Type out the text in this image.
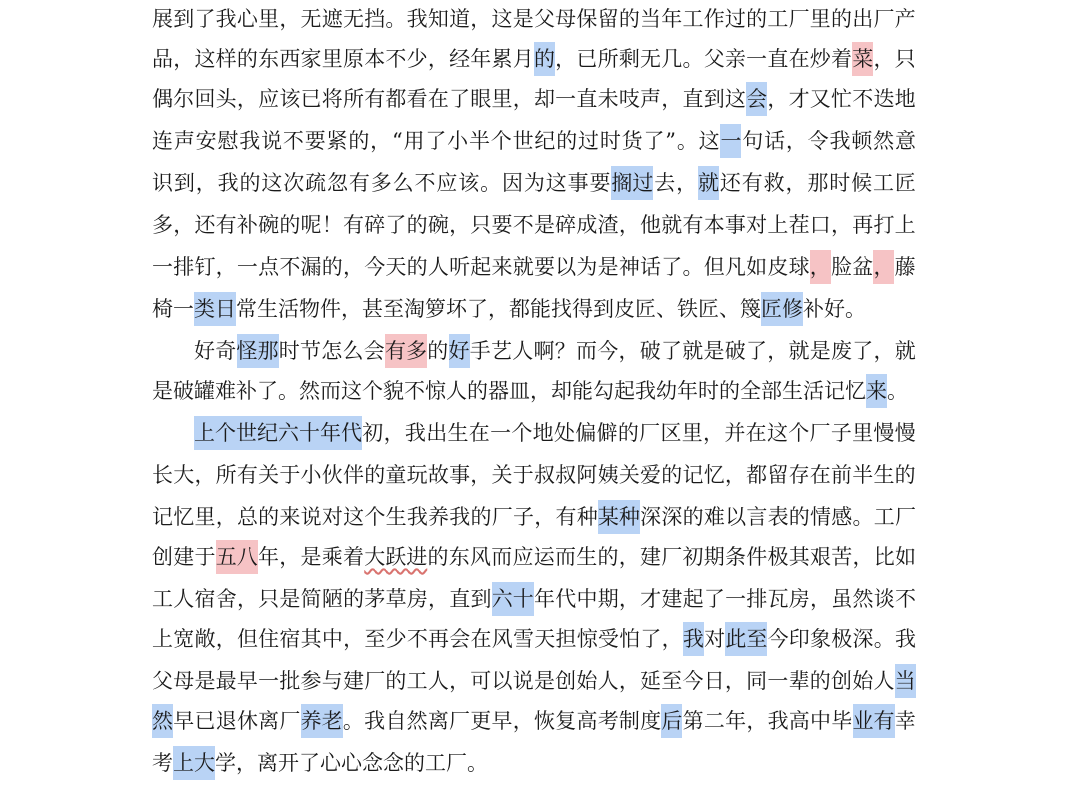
展 到 了 我 心 里 ， 无 遮 无 挡 。 我 知 道 ， 这 是 父 母 保 留 的 当 年 工 作 过 的 工 厂 里 的 出 厂 产
品 ， 这 样 的 东 西 家 里 原 本 不 少 ， 经 年 累 月 的 ， 已 所 剩 无 几 。 父 亲 一 直 在 炒 着 菜 ， 只
偶 尔 回 头 ， 应 该 已 将 所 有 都 看 在 了 眼 里 ， 却 一 直 未 吱 声 ， 直 到 这 会 ， 才 又 忙 不 迭 地
连 声 安 慰 我 说 不 要 紧 的 ， “ 用 了 小 半 个 世 纪 的 过 时 货 了 ” 。 这 一 句 话 ， 令 我 顿 然 意
识 到 ， 我 的 这 次 疏 忽 有 多 么 不 应 该 。 因 为 这 事 要 搁过 去 ， 就 还 有 救 ， 那 时 候 工 匠
多 ， 还 有 补 碗 的 呢 ！ 有 碎 了 的 碗 ， 只 要 不 是 碎 成 渣 ， 他 就 有 本 事 对 上 茬 口 ， 再 打 上
一 排 钉 ， 一 点 不 漏 的 ， 今 天 的 人 听 起 来 就 要 以 为 是 神 话 了 。 但 凡 如 皮 球 ， 脸 盆 ， 藤
椅一 类日 常生活物件，甚至淘箩坏了，都能找得到皮匠、铁匠、篾 匠修 补好。
好 奇 怪那 时 节 怎 么 会 有多 的 好 手 艺 人 啊 ？ 而 今 ， 破 了 就 是 破 了 ， 就 是 废 了 ， 就
是破罐难补了。然而这个貌不惊人的器皿，却能勾起我幼年时的全部生活记忆 来 。
上个世纪六十年代 初 ， 我 出 生 在 一 个 地 处 偏 僻 的 厂 区 里 ， 并 在 这 个 厂 子 里 慢 慢
长 大 ， 所 有 关 于 小 伙 伴 的 童 玩 故 事 ， 关 于 叔 叔 阿 姨 关 爱 的 记 忆 ， 都 留 存 在 前 半 生 的
记 忆 里 ， 总 的 来 说 对 这 个 生 我 养 我 的 厂 子 ， 有 种 某种 深 深 的 难 以 言 表 的 情 感 。 工 厂
创 建 于 五八 年 ， 是 乘 着 大跃进 的 东 风 而 应 运 而 生 的 ， 建 厂 初 期 条 件 极 其 艰 苦 ， 比 如
工 人 宿 舍 ， 只 是 简 陋 的 茅 草 房 ， 直 到 六十 年 代 中 期 ， 才 建 起 了 一 排 瓦 房 ， 虽 然 谈 不
上 宽 敞 ， 但 住 宿 其 中 ， 至 少 不 再 会 在 风 雪 天 担 惊 受 怕 了 ， 我 对 此至 今 印 象 极 深 。 我
父 母 是 最 早 一 批 参 与 建 厂 的 工 人 ， 可 以 说 是 创 始 人 ， 延 至 今 日 ， 同 一 辈 的 创 始 人 当
然 早 已 退 休 离 厂 养老 。 我 自 然 离 厂 更 早 ， 恢 复 高 考 制 度 后 第 二 年 ， 我 高 中 毕 业有 幸
考 上大 学，离开了心心念念的工厂。
